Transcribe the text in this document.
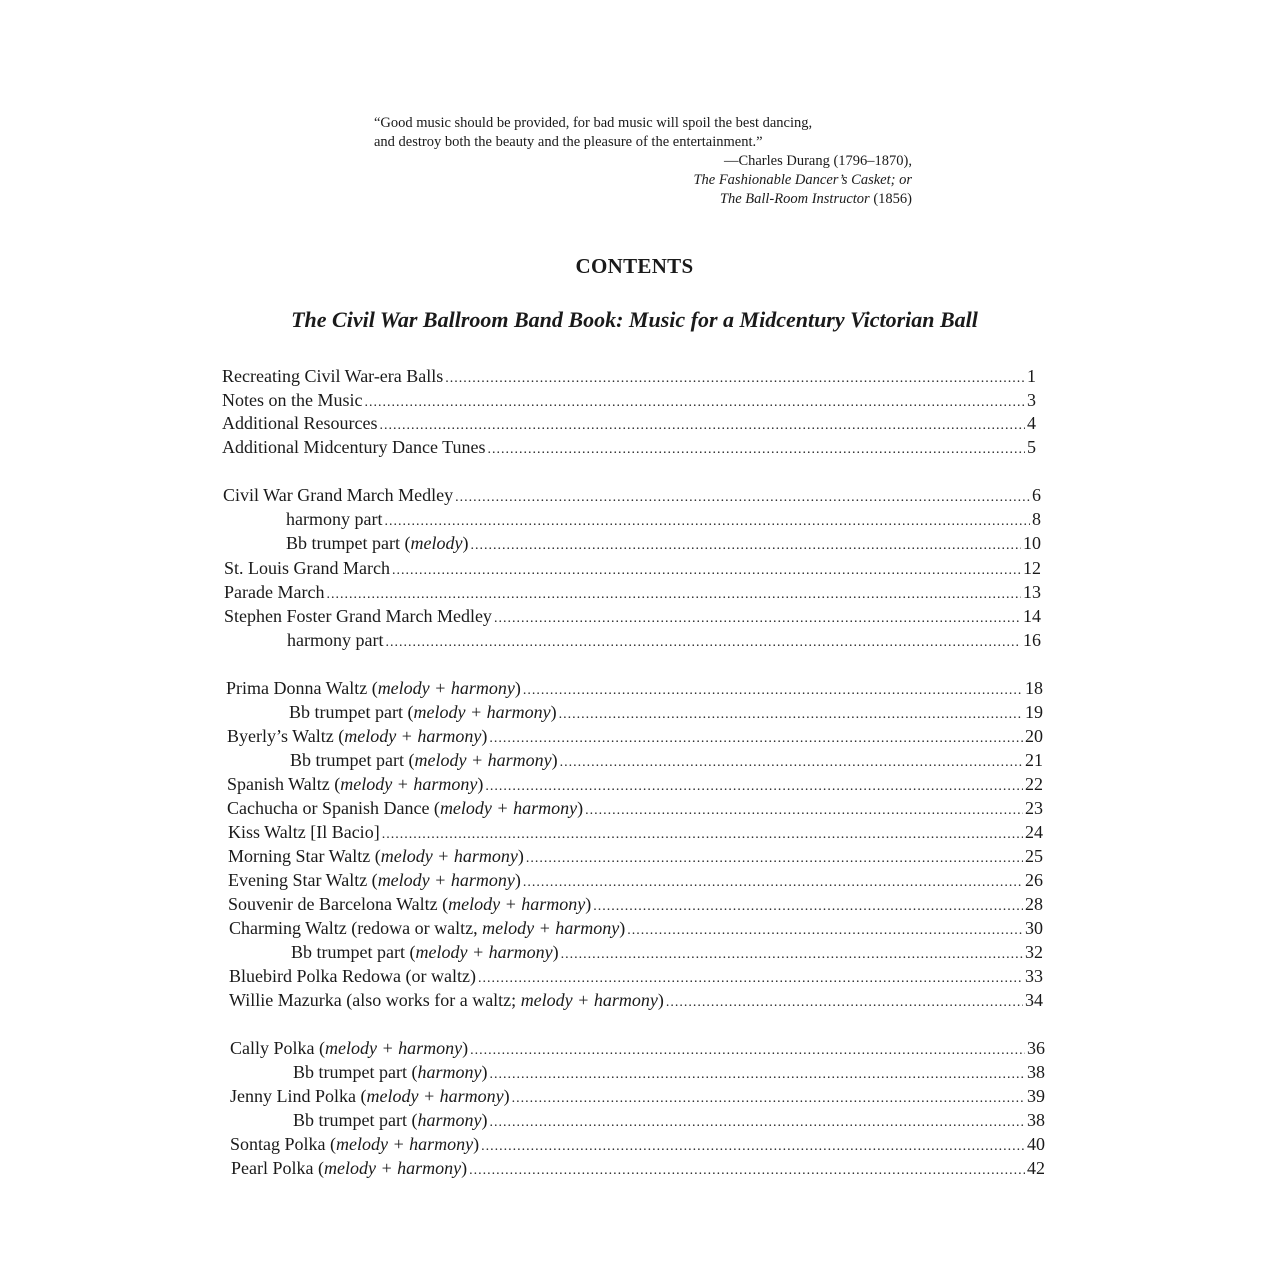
“Good music should be provided, for bad music will spoil the best dancing,
and destroy both the beauty and the pleasure of the entertainment.”
—Charles Durang (1796–1870),
The Fashionable Dancer’s Casket; or
The Ball-Room Instructor (1856)
CONTENTS
The Civil War Ballroom Band Book: Music for a Midcentury Victorian Ball
Recreating Civil War-era Balls .....	1
Notes on the Music .....	3
Additional Resources .....	4
Additional Midcentury Dance Tunes .....	5
Civil War Grand March Medley .....	6
harmony part .....	8
Bb trumpet part (melody) .....	10
St. Louis Grand March .....	12
Parade March .....	13
Stephen Foster Grand March Medley .....	14
harmony part .....	16
Prima Donna Waltz (melody + harmony) .....	18
Bb trumpet part (melody + harmony) .....	19
Byerly’s Waltz (melody + harmony) .....	20
Bb trumpet part (melody + harmony) .....	21
Spanish Waltz (melody + harmony) .....	22
Cachucha or Spanish Dance (melody + harmony) .....	23
Kiss Waltz [Il Bacio] .....	24
Morning Star Waltz (melody + harmony) .....	25
Evening Star Waltz (melody + harmony) .....	26
Souvenir de Barcelona Waltz (melody + harmony) .....	28
Charming Waltz (redowa or waltz, melody + harmony) .....	30
Bb trumpet part (melody + harmony) .....	32
Bluebird Polka Redowa (or waltz) .....	33
Willie Mazurka (also works for a waltz; melody + harmony) .....	34
Cally Polka (melody + harmony) .....	36
Bb trumpet part (harmony) .....	38
Jenny Lind Polka (melody + harmony) .....	39
Bb trumpet part (harmony) .....	38
Sontag Polka (melody + harmony) .....	40
Pearl Polka (melody + harmony) .....	42
